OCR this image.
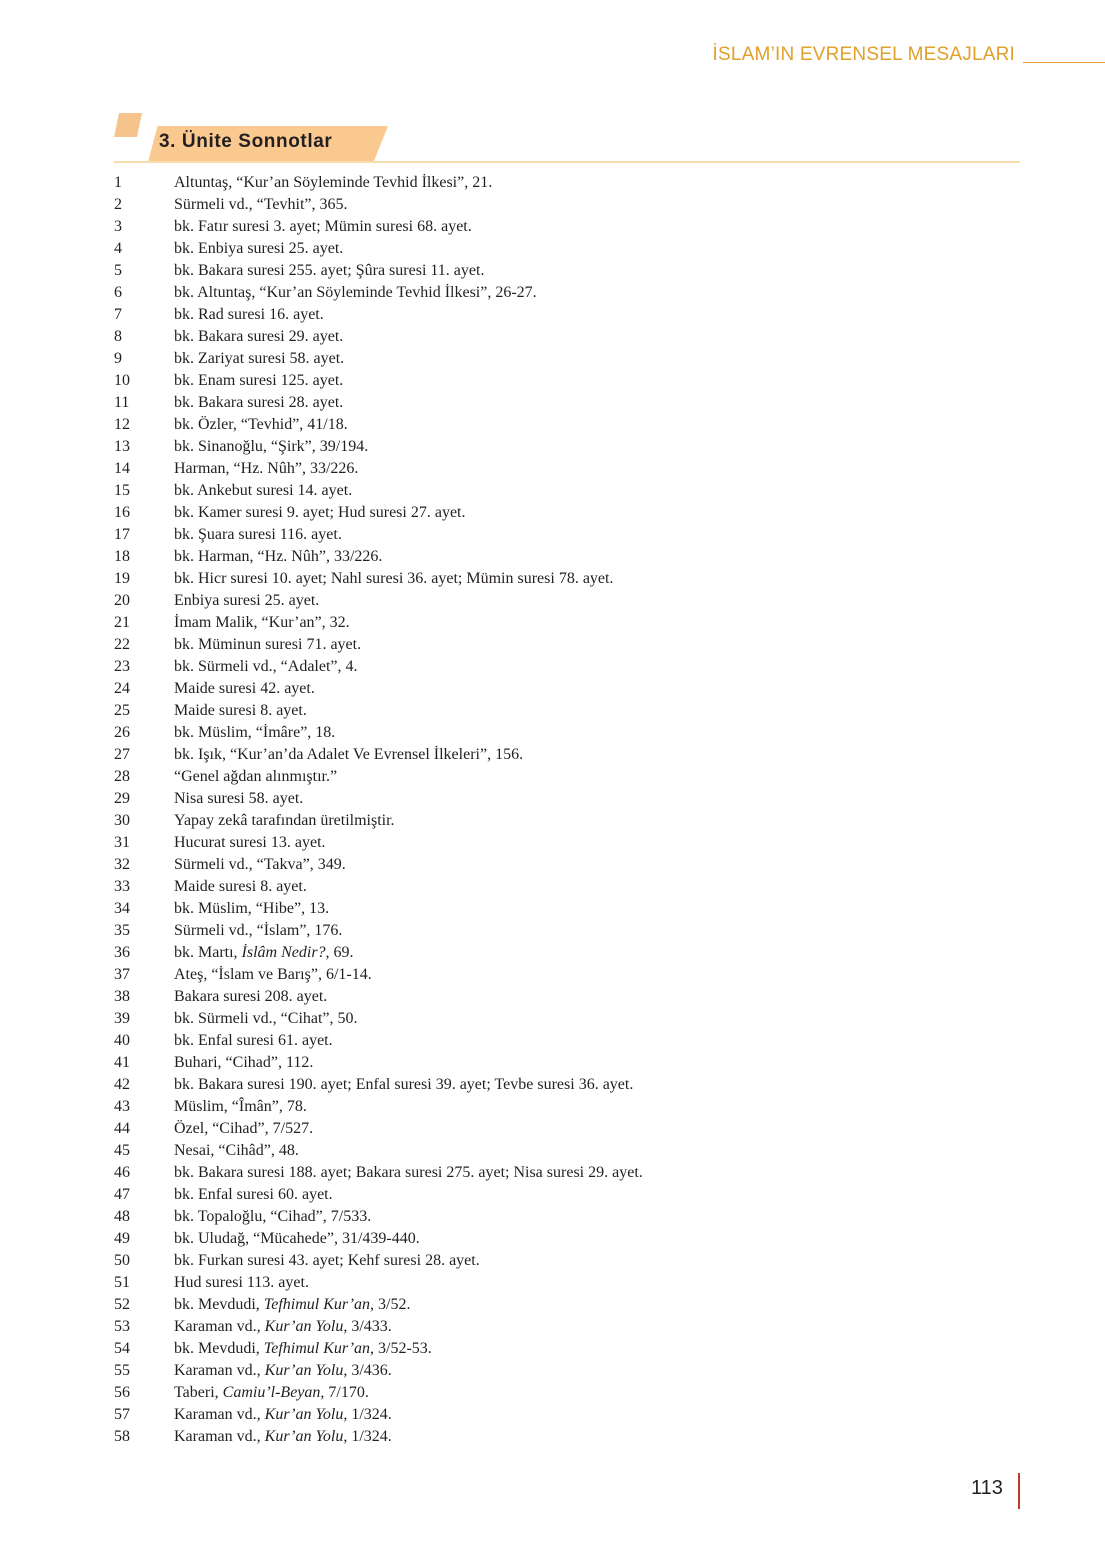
İSLAM’IN EVRENSEL MESAJLARI
3. Ünite Sonnotlar
1	Altuntaş, “Kur’an Söyleminde Tevhid İlkesi”, 21.
2	Sürmeli vd., “Tevhit”, 365.
3	bk. Fatır suresi 3. ayet; Mümin suresi 68. ayet.
4	bk. Enbiya suresi 25. ayet.
5	bk. Bakara suresi 255. ayet; Şûra suresi 11. ayet.
6	bk. Altuntaş, “Kur’an Söyleminde Tevhid İlkesi”, 26-27.
7	bk. Rad suresi 16. ayet.
8	bk. Bakara suresi 29. ayet.
9	bk. Zariyat suresi 58. ayet.
10	bk. Enam suresi 125. ayet.
11	bk. Bakara suresi 28. ayet.
12	bk. Özler, “Tevhid”, 41/18.
13	bk. Sinanoğlu, “Şirk”, 39/194.
14	Harman, “Hz. Nûh”, 33/226.
15	bk. Ankebut suresi 14. ayet.
16	bk. Kamer suresi 9. ayet; Hud suresi 27. ayet.
17	bk. Şuara suresi 116. ayet.
18	bk. Harman, “Hz. Nûh”, 33/226.
19	bk. Hicr suresi 10. ayet; Nahl suresi 36. ayet; Mümin suresi 78. ayet.
20	Enbiya suresi 25. ayet.
21	İmam Malik, “Kur’an”, 32.
22	bk. Müminun suresi 71. ayet.
23	bk. Sürmeli vd., “Adalet”, 4.
24	Maide suresi 42. ayet.
25	Maide suresi 8. ayet.
26	bk. Müslim, “İmâre”, 18.
27	bk. Işık, “Kur’an’da Adalet Ve Evrensel İlkeleri”, 156.
28	“Genel ağdan alınmıştır.”
29	Nisa suresi 58. ayet.
30	Yapay zekâ tarafından üretilmiştir.
31	Hucurat suresi 13. ayet.
32	Sürmeli vd., “Takva”, 349.
33	Maide suresi 8. ayet.
34	bk. Müslim, “Hibe”, 13.
35	Sürmeli vd., “İslam”, 176.
36	bk. Martı, İslâm Nedir?, 69.
37	Ateş, “İslam ve Barış”, 6/1-14.
38	Bakara suresi 208. ayet.
39	bk. Sürmeli vd., “Cihat”, 50.
40	bk. Enfal suresi 61. ayet.
41	Buhari, “Cihad”, 112.
42	bk. Bakara suresi 190. ayet; Enfal suresi 39. ayet; Tevbe suresi 36. ayet.
43	Müslim, “Îmân”, 78.
44	Özel, “Cihad”, 7/527.
45	Nesai, “Cihâd”, 48.
46	bk. Bakara suresi 188. ayet; Bakara suresi 275. ayet; Nisa suresi 29. ayet.
47	bk. Enfal suresi 60. ayet.
48	bk. Topaloğlu, “Cihad”, 7/533.
49	bk. Uludağ, “Mücahede”, 31/439-440.
50	bk. Furkan suresi 43. ayet; Kehf suresi 28. ayet.
51	Hud suresi 113. ayet.
52	bk. Mevdudi, Tefhimul Kur’an, 3/52.
53	Karaman vd., Kur’an Yolu, 3/433.
54	bk. Mevdudi, Tefhimul Kur’an, 3/52-53.
55	Karaman vd., Kur’an Yolu, 3/436.
56	Taberi, Camiu’l-Beyan, 7/170.
57	Karaman vd., Kur’an Yolu, 1/324.
58	Karaman vd., Kur’an Yolu, 1/324.
113
